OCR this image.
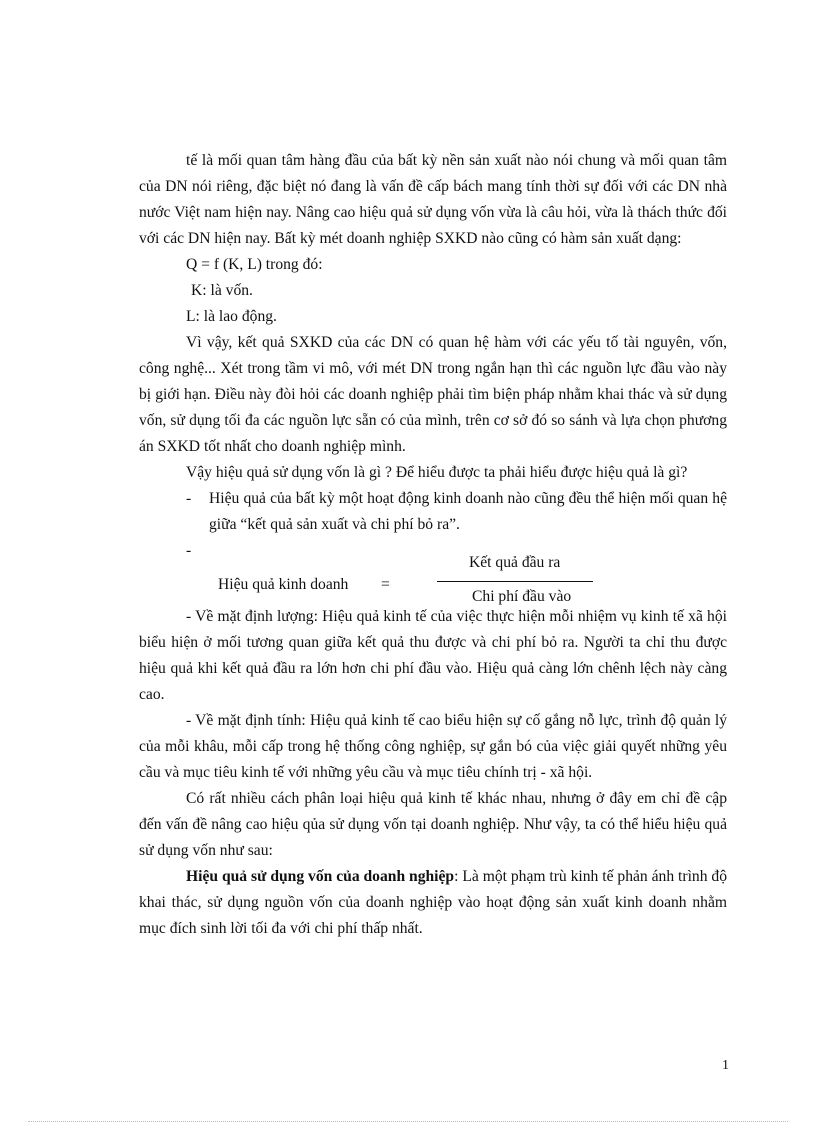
tế là mối quan tâm hàng đầu của bất kỳ nền sản xuất nào nói chung và mối quan tâm của DN nói riêng, đặc biệt nó đang là vấn đề cấp bách mang tính thời sự đối với các DN nhà nước Việt nam hiện nay. Nâng cao hiệu quả sử dụng vốn vừa là câu hỏi, vừa là thách thức đối với các DN hiện nay. Bất kỳ mét doanh nghiệp SXKD nào cũng có hàm sản xuất dạng:

Q = f (K, L) trong đó:

K: là vốn.

L: là lao động.

Vì vậy, kết quả SXKD của các DN có quan hệ hàm với các yếu tố tài nguyên, vốn, công nghệ... Xét trong tầm vi mô, với mét DN trong ngắn hạn thì các nguồn lực đầu vào này bị giới hạn. Điều này đòi hỏi các doanh nghiệp phải tìm biện pháp nhằm khai thác và sử dụng vốn, sử dụng tối đa các nguồn lực sẵn có của mình, trên cơ sở đó so sánh và lựa chọn phương án SXKD tốt nhất cho doanh nghiệp mình.

Vậy hiệu quả sử dụng vốn là gì ? Để hiểu được ta phải hiểu được hiệu quả là gì?

- Hiệu quả của bất kỳ một hoạt động kinh doanh nào cũng đều thể hiện mối quan hệ giữa “kết quả sản xuất và chi phí bỏ ra”.

-

Hiệu quả kinh doanh =
Kết quả đầu ra
Chi phí đầu vào

- Về mặt định lượng: Hiệu quả kinh tế của việc thực hiện mỗi nhiệm vụ kinh tế xã hội biểu hiện ở mối tương quan giữa kết quả thu được và chi phí bỏ ra. Người ta chỉ thu được hiệu quả khi kết quả đầu ra lớn hơn chi phí đầu vào. Hiệu quả càng lớn chênh lệch này càng cao.

- Về mặt định tính: Hiệu quả kinh tế cao biểu hiện sự cố gắng nỗ lực, trình độ quản lý của mỗi khâu, mỗi cấp trong hệ thống công nghiệp, sự gắn bó của việc giải quyết những yêu cầu và mục tiêu kinh tế với những yêu cầu và mục tiêu chính trị - xã hội.

Có rất nhiều cách phân loại hiệu quả kinh tế khác nhau, nhưng ở đây em chỉ đề cập đến vấn đề nâng cao hiệu qủa sử dụng vốn tại doanh nghiệp. Như vậy, ta có thể hiểu hiệu quả sử dụng vốn như sau:

Hiệu quả sử dụng vốn của doanh nghiệp: Là một phạm trù kinh tế phản ánh trình độ khai thác, sử dụng nguồn vốn của doanh nghiệp vào hoạt động sản xuất kinh doanh nhằm mục đích sinh lời tối đa với chi phí thấp nhất.

1
